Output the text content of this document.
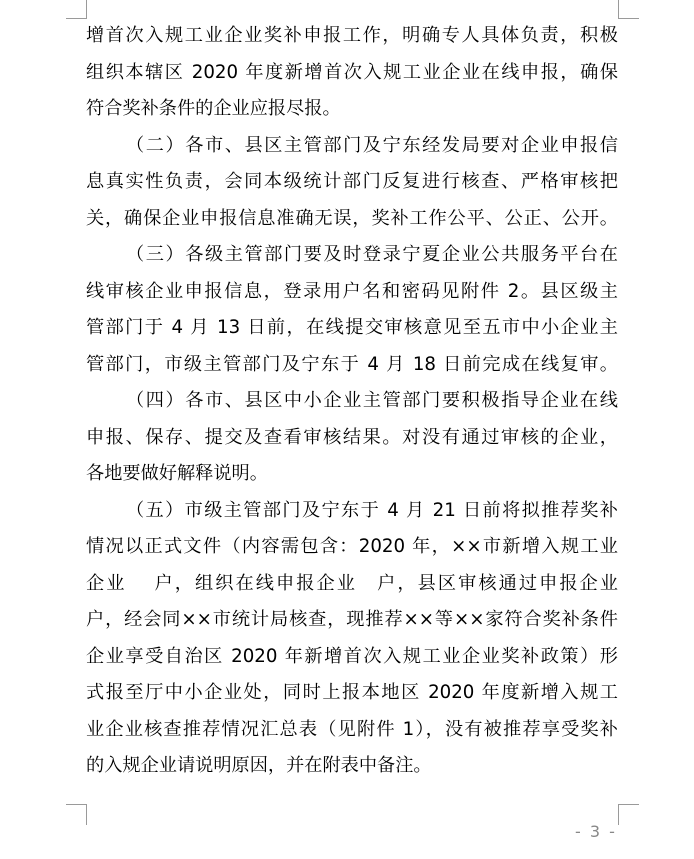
增首次入规工业企业奖补申报工作，明确专人具体负责，积极
组织本辖区 2020 年度新增首次入规工业企业在线申报，确保
符合奖补条件的企业应报尽报。
（二）各市、县区主管部门及宁东经发局要对企业申报信
息真实性负责，会同本级统计部门反复进行核查、严格审核把
关，确保企业申报信息准确无误，奖补工作公平、公正、公开。
（三）各级主管部门要及时登录宁夏企业公共服务平台在
线审核企业申报信息，登录用户名和密码见附件 2。县区级主
管部门于 4 月 13 日前，在线提交审核意见至五市中小企业主
管部门，市级主管部门及宁东于 4 月 18 日前完成在线复审。
（四）各市、县区中小企业主管部门要积极指导企业在线
申报、保存、提交及查看审核结果。对没有通过审核的企业，
各地要做好解释说明。
（五）市级主管部门及宁东于 4 月 21 日前将拟推荐奖补
情况以正式文件（内容需包含：2020 年，××市新增入规工业
企业　 户，组织在线申报企业　户，县区审核通过申报企业
户，经会同××市统计局核查，现推荐××等××家符合奖补条件
企业享受自治区 2020 年新增首次入规工业企业奖补政策）形
式报至厅中小企业处，同时上报本地区 2020 年度新增入规工
业企业核查推荐情况汇总表（见附件 1），没有被推荐享受奖补
的入规企业请说明原因，并在附表中备注。
- 3 -
